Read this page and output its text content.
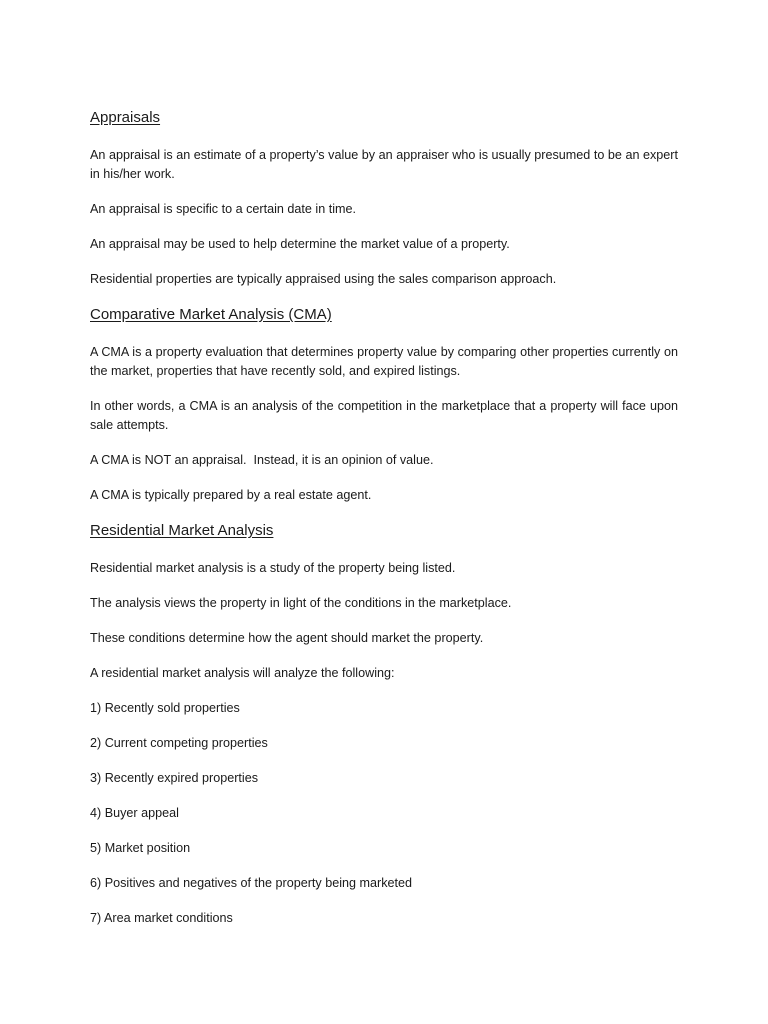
Appraisals

An appraisal is an estimate of a property’s value by an appraiser who is usually presumed to be an expert in his/her work.

An appraisal is specific to a certain date in time.

An appraisal may be used to help determine the market value of a property.

Residential properties are typically appraised using the sales comparison approach.

Comparative Market Analysis (CMA)

A CMA is a property evaluation that determines property value by comparing other properties currently on the market, properties that have recently sold, and expired listings.

In other words, a CMA is an analysis of the competition in the marketplace that a property will face upon sale attempts.

A CMA is NOT an appraisal.  Instead, it is an opinion of value.

A CMA is typically prepared by a real estate agent.

Residential Market Analysis

Residential market analysis is a study of the property being listed.

The analysis views the property in light of the conditions in the marketplace.

These conditions determine how the agent should market the property.

A residential market analysis will analyze the following:

1) Recently sold properties
2) Current competing properties
3) Recently expired properties
4) Buyer appeal
5) Market position
6) Positives and negatives of the property being marketed
7) Area market conditions
